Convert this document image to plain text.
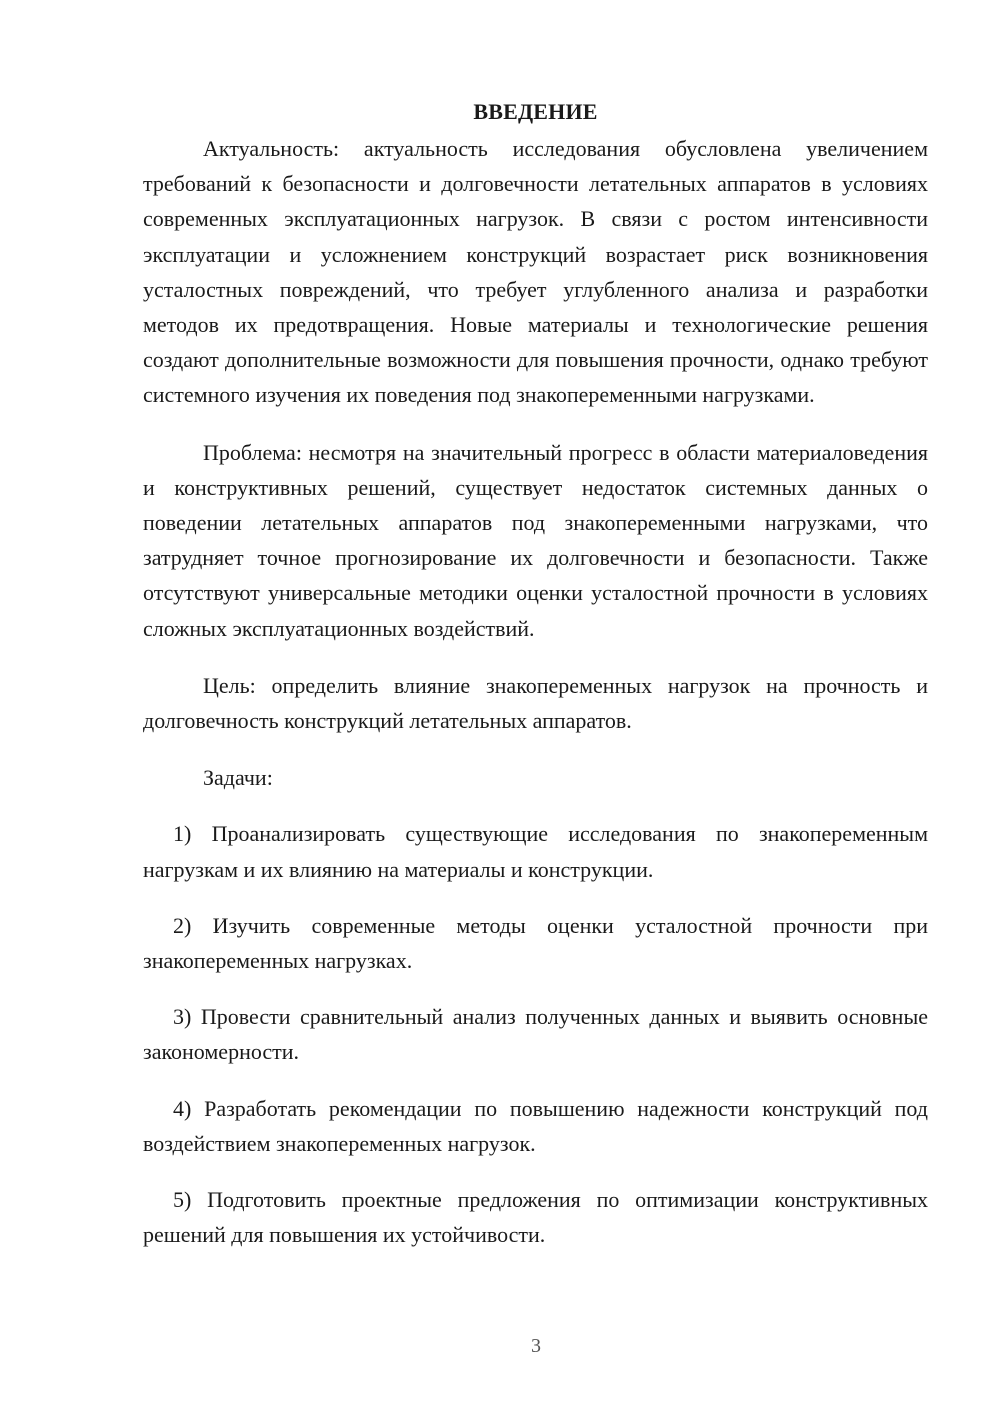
ВВЕДЕНИЕ

Актуальность: актуальность исследования обусловлена увеличением требований к безопасности и долговечности летательных аппаратов в условиях современных эксплуатационных нагрузок. В связи с ростом интенсивности эксплуатации и усложнением конструкций возрастает риск возникновения усталостных повреждений, что требует углубленного анализа и разработки методов их предотвращения. Новые материалы и технологические решения создают дополнительные возможности для повышения прочности, однако требуют системного изучения их поведения под знакопеременными нагрузками.

Проблема: несмотря на значительный прогресс в области материаловедения и конструктивных решений, существует недостаток системных данных о поведении летательных аппаратов под знакопеременными нагрузками, что затрудняет точное прогнозирование их долговечности и безопасности. Также отсутствуют универсальные методики оценки усталостной прочности в условиях сложных эксплуатационных воздействий.

Цель: определить влияние знакопеременных нагрузок на прочность и долговечность конструкций летательных аппаратов.

Задачи:

1) Проанализировать существующие исследования по знакопеременным нагрузкам и их влиянию на материалы и конструкции.

2) Изучить современные методы оценки усталостной прочности при знакопеременных нагрузках.

3) Провести сравнительный анализ полученных данных и выявить основные закономерности.

4) Разработать рекомендации по повышению надежности конструкций под воздействием знакопеременных нагрузок.

5) Подготовить проектные предложения по оптимизации конструктивных решений для повышения их устойчивости.

3
